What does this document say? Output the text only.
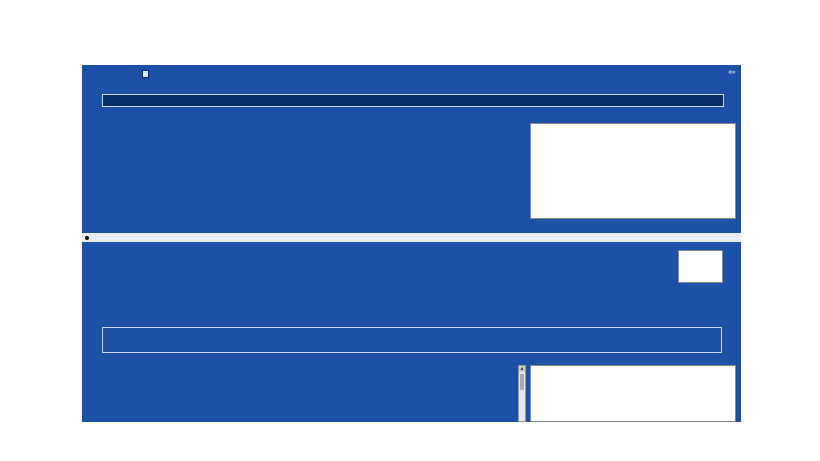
⇦
▲
